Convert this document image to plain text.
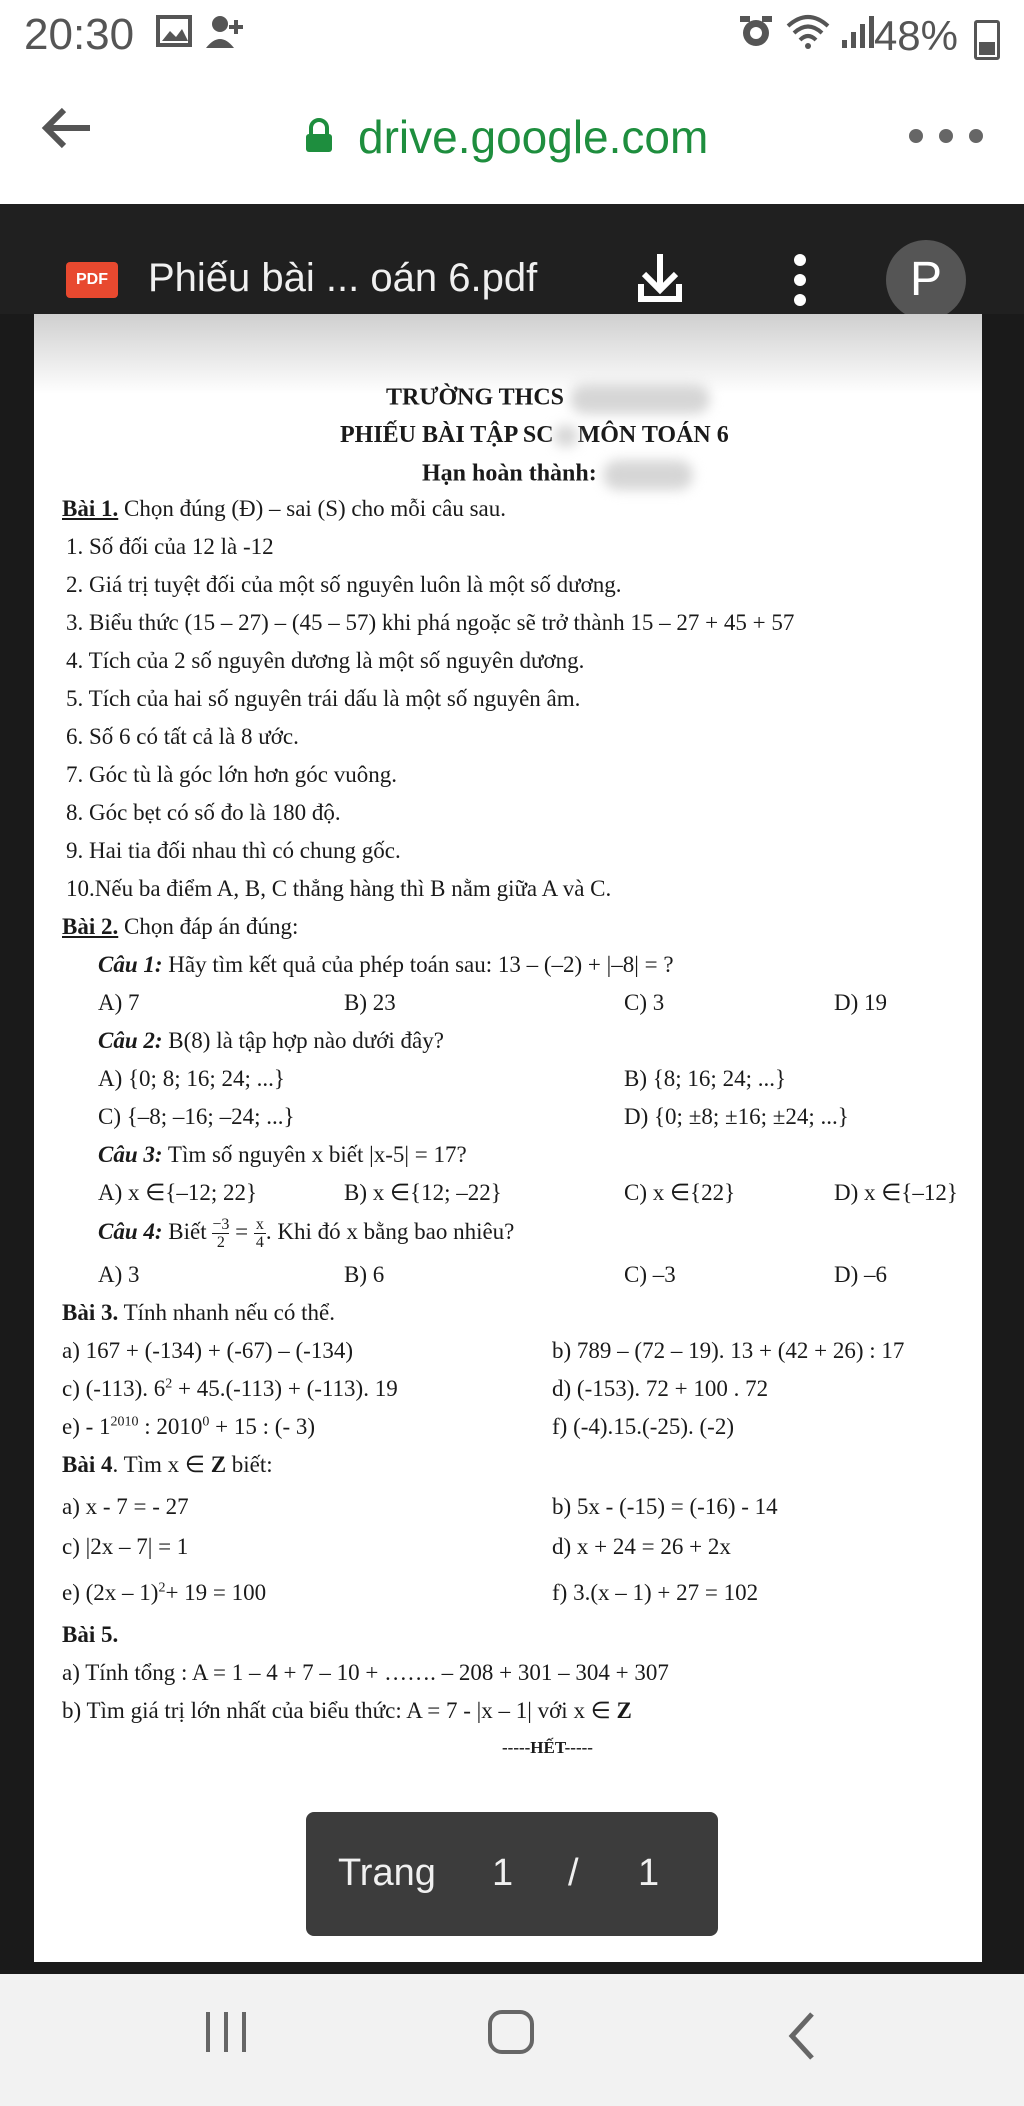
20:30	48%
drive.google.com
PDF Phiếu bài ... oán 6.pdf	P
TRƯỜNG THCS
PHIẾU BÀI TẬP SC MÔN TOÁN 6
Hạn hoàn thành:
Bài 1. Chọn đúng (Đ) – sai (S) cho mỗi câu sau.
1. Số đối của 12 là -12
2. Giá trị tuyệt đối của một số nguyên luôn là một số dương.
3. Biểu thức (15 – 27) – (45 – 57) khi phá ngoặc sẽ trở thành 15 – 27 + 45 + 57
4. Tích của 2 số nguyên dương là một số nguyên dương.
5. Tích của hai số nguyên trái dấu là một số nguyên âm.
6. Số 6 có tất cả là 8 ước.
7. Góc tù là góc lớn hơn góc vuông.
8. Góc bẹt có số đo là 180 độ.
9. Hai tia đối nhau thì có chung gốc.
10.Nếu ba điểm A, B, C thẳng hàng thì B nằm giữa A và C.
Bài 2. Chọn đáp án đúng:
Câu 1: Hãy tìm kết quả của phép toán sau: 13 – (–2) + |–8| = ?
A) 7	B) 23	C) 3	D) 19
Câu 2: B(8) là tập hợp nào dưới đây?
A) {0; 8; 16; 24; ...}	B) {8; 16; 24; ...}
C) {–8; –16; –24; ...}	D) {0; ±8; ±16; ±24; ...}
Câu 3: Tìm số nguyên x biết |x-5| = 17?
A) x ∈{–12; 22}	B) x ∈{12; –22}	C) x ∈{22}	D) x ∈{–12}
Câu 4: Biết $\frac{-3}{2} = \frac{x}{4}$ . Khi đó x bằng bao nhiêu?
A) 3	B) 6	C) –3	D) –6
Bài 3. Tính nhanh nếu có thể.
a) 167 + (-134) + (-67) – (-134)	b) 789 – (72 – 19). 13 + (42 + 26) : 17
c) (-113). $6^2 + 45.(-113) + (-113)$. 19	d) (-153). 72 + 100 . 72
$e) - 1^{2010}$ : $2010^0 + 15$ : (- 3)	f) (-4).15.(-25). (-2)
Bài 4. Tìm x ∈ Z biết:
a) x - 7 = - 27	b) 5x - (-15) = (-16) - 14
c) |2x – 7| = 1	d) x + 24 = 26 + 2x
e) (2x – 1)$^2$+ 19 = 100	f) 3.(x – 1) + 27 = 102
Bài 5.
a) Tính tổng : A = 1 – 4 + 7 – 10 + ……. – 208 + 301 – 304 + 307
b) Tìm giá trị lớn nhất của biểu thức: A = 7 - |x – 1| với x ∈ Z
-----HẾT-----
Trang 1 / 1
